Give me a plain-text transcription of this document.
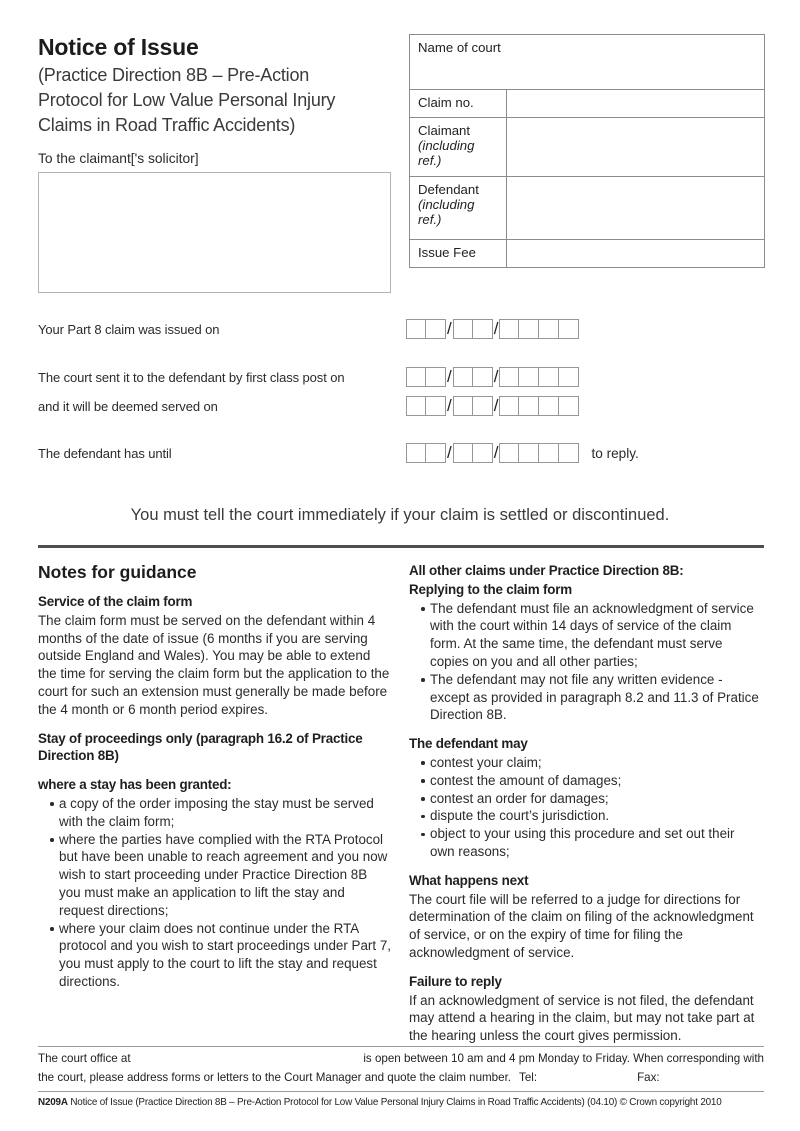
Notice of Issue
(Practice Direction 8B – Pre-Action
Protocol for Low Value Personal Injury
Claims in Road Traffic Accidents)
To the claimant['s solicitor]
Name of court
Claim no.
Claimant
(including ref.)
Defendant
(including ref.)
Issue Fee
Your Part 8 claim was issued on	/ /
The court sent it to the defendant by first class post on	/ /
and it will be deemed served on	/ /
The defendant has until	/ /	to reply.
You must tell the court immediately if your claim is settled or discontinued.
Notes for guidance
Service of the claim form

The claim form must be served on the defendant within 4 months of the date of issue (6 months if you are serving outside England and Wales). You may be able to extend the time for serving the claim form but the application to the court for such an extension must generally be made before the 4 month or 6 month period expires.

Stay of proceedings only (paragraph 16.2 of Practice Direction 8B)
where a stay has been granted:
a copy of the order imposing the stay must be served with the claim form;
where the parties have complied with the RTA Protocol but have been unable to reach agreement and you now wish to start proceeding under Practice Direction 8B you must make an application to lift the stay and request directions;
where your claim does not continue under the RTA protocol and you wish to start proceedings under Part 7, you must apply to the court to lift the stay and request directions.
All other claims under Practice Direction 8B:
Replying to the claim form
The defendant must file an acknowledgment of service with the court within 14 days of service of the claim form. At the same time, the defendant must serve copies on you and all other parties;
The defendant may not file any written evidence - except as provided in paragraph 8.2 and 11.3 of Pratice Direction 8B.
The defendant may
contest your claim;
contest the amount of damages;
contest an order for damages;
dispute the court’s jurisdiction.
object to your using this procedure and set out their own reasons;
What happens next

The court file will be referred to a judge for directions for determination of the claim on filing of the acknowledgment of service, or on the expiry of time for filing the acknowledgment of service.

Failure to reply

If an acknowledgment of service is not filed, the defendant may attend a hearing in the claim, but may not take part at the hearing unless the court gives permission.

The court office at	is open between 10 am and 4 pm Monday to Friday. When corresponding with
the court, please address forms or letters to the Court Manager and quote the claim number. Tel:	Fax:
N209A Notice of Issue (Practice Direction 8B – Pre-Action Protocol for Low Value Personal Injury Claims in Road Traffic Accidents) (04.10) © Crown copyright 2010
